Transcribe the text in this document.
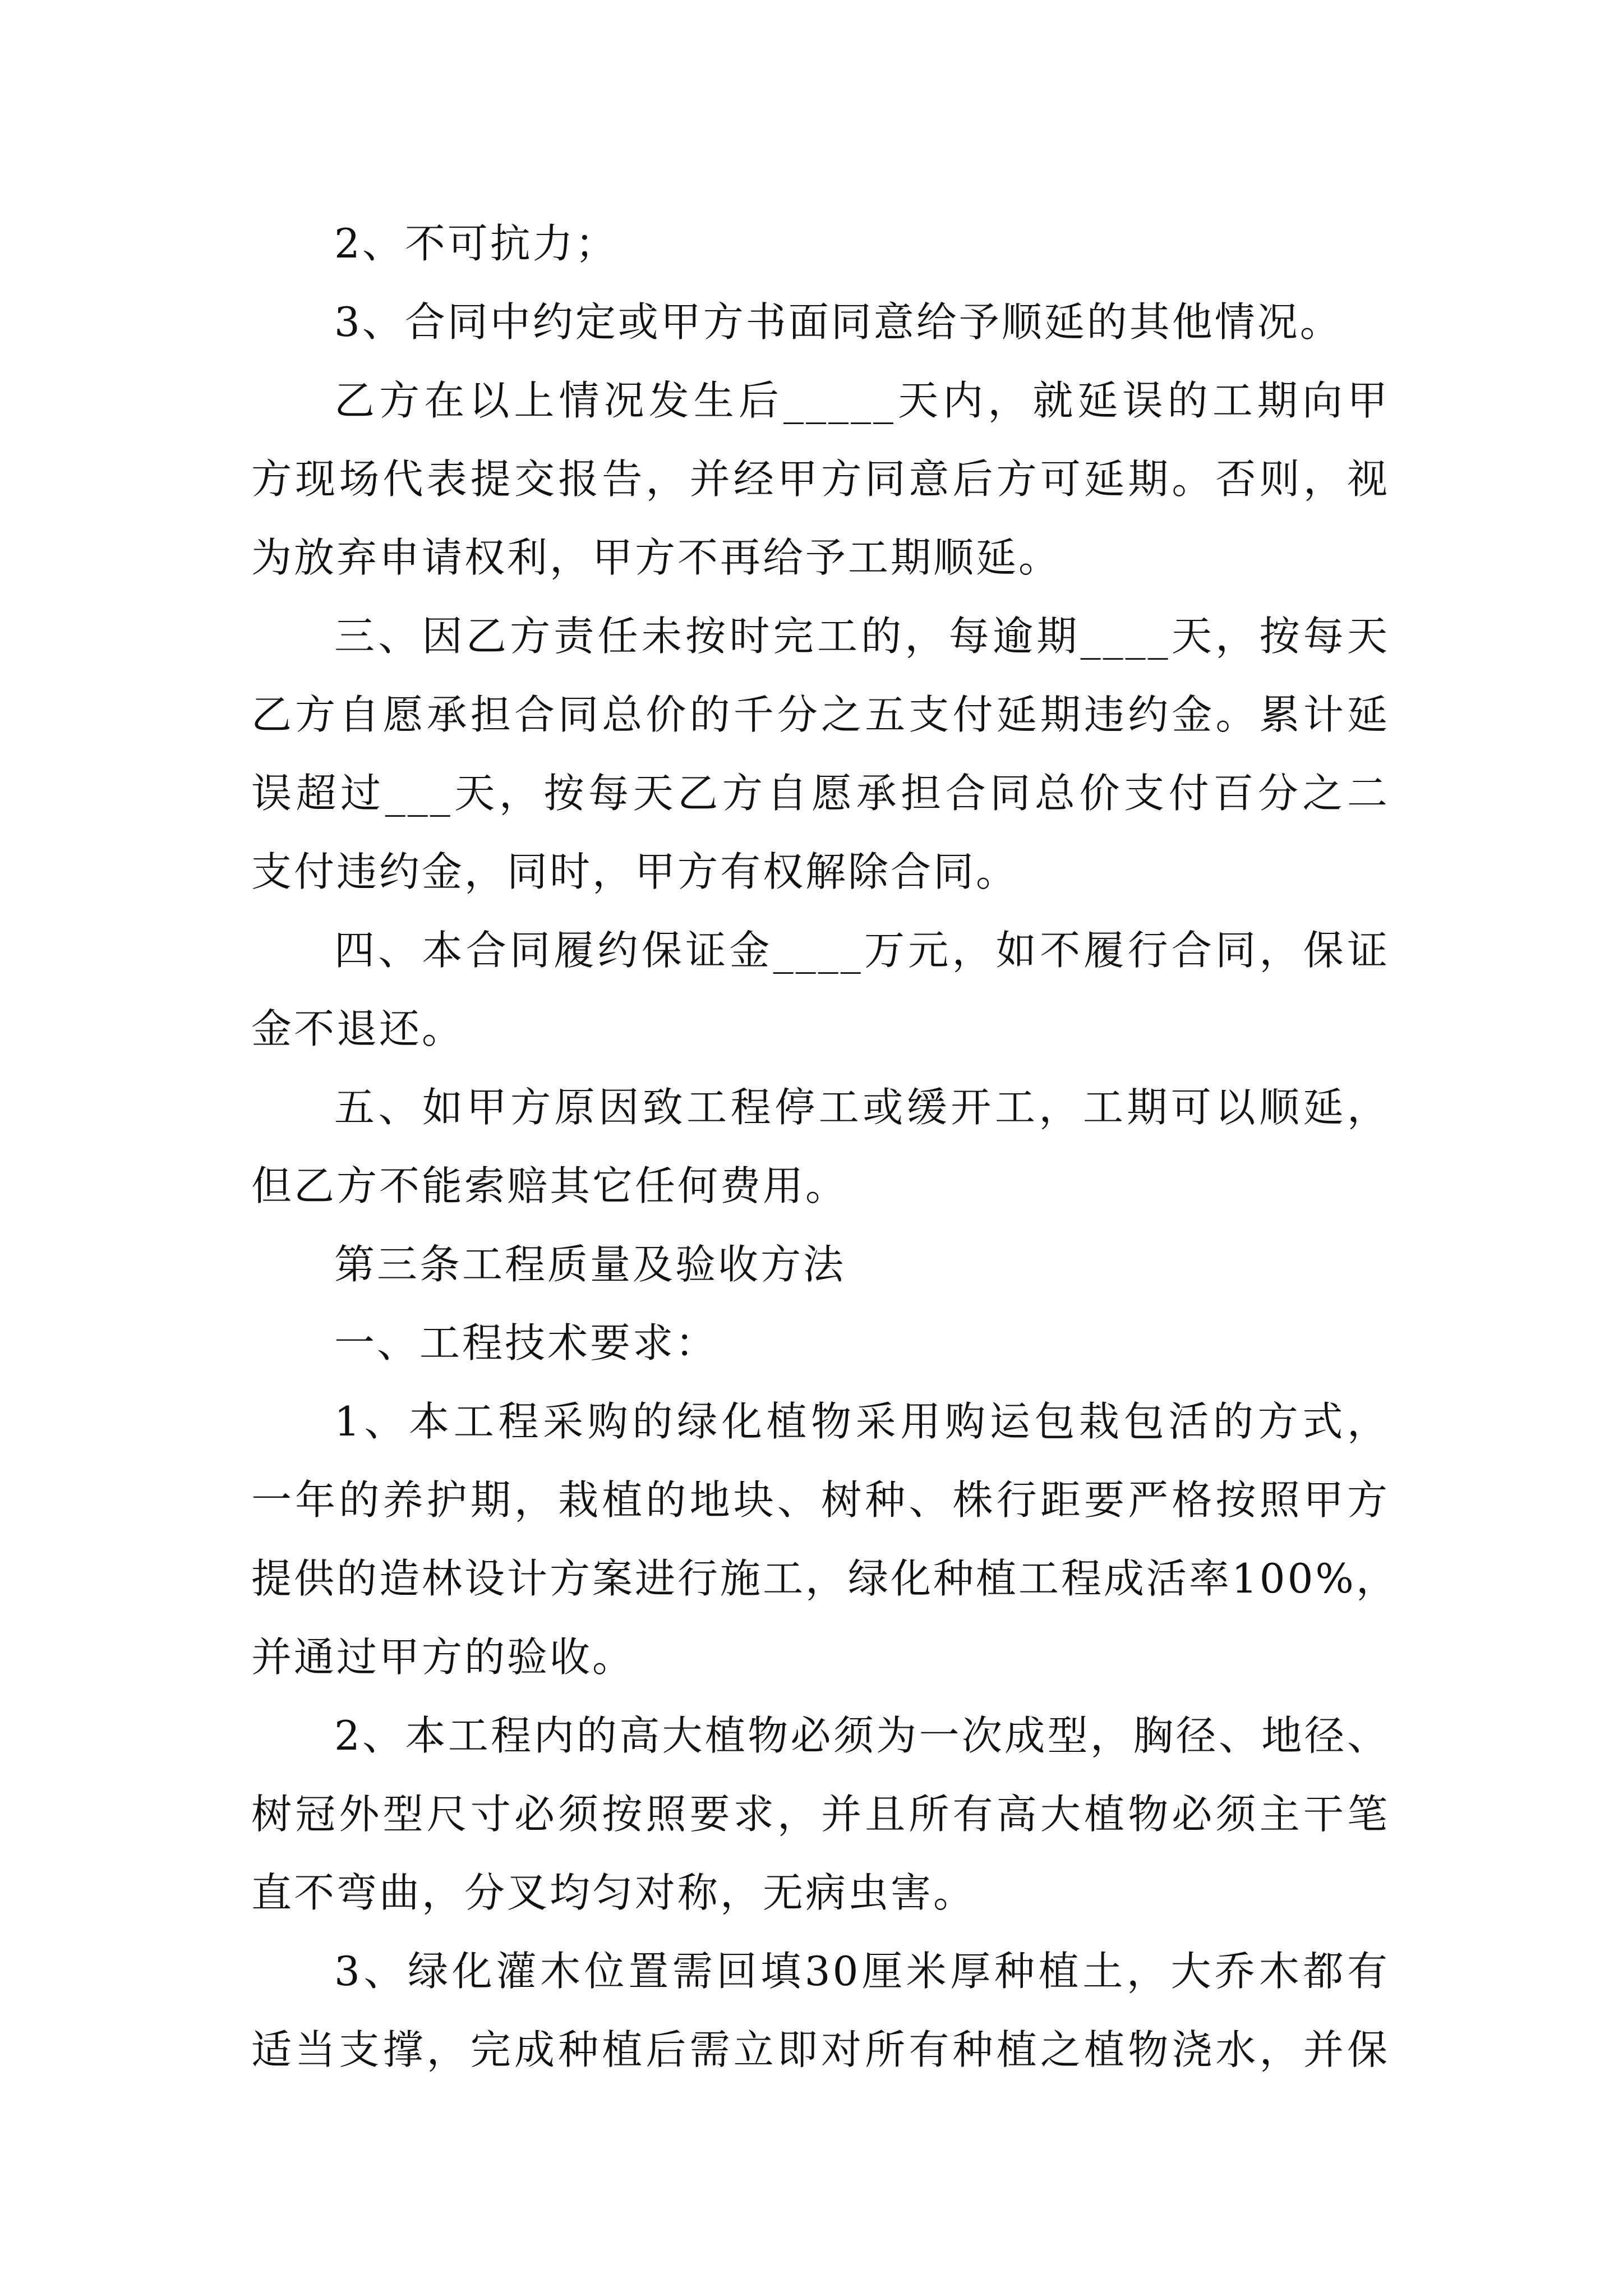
2、不可抗力；
3、合同中约定或甲方书面同意给予顺延的其他情况。
乙方在以上情况发生后_____天内，就延误的工期向甲
方现场代表提交报告，并经甲方同意后方可延期。否则，视
为放弃申请权利，甲方不再给予工期顺延。
三、因乙方责任未按时完工的，每逾期____天，按每天
乙方自愿承担合同总价的千分之五支付延期违约金。累计延
误超过___天，按每天乙方自愿承担合同总价支付百分之二
支付违约金，同时，甲方有权解除合同。
四、本合同履约保证金____万元，如不履行合同，保证
金不退还。
五、如甲方原因致工程停工或缓开工，工期可以顺延，
但乙方不能索赔其它任何费用。
第三条工程质量及验收方法
一、工程技术要求：
1、本工程采购的绿化植物采用购运包栽包活的方式，
一年的养护期，栽植的地块、树种、株行距要严格按照甲方
提供的造林设计方案进行施工，绿化种植工程成活率100%，
并通过甲方的验收。
2、本工程内的高大植物必须为一次成型，胸径、地径、
树冠外型尺寸必须按照要求，并且所有高大植物必须主干笔
直不弯曲，分叉均匀对称，无病虫害。
3、绿化灌木位置需回填30厘米厚种植土，大乔木都有
适当支撑，完成种植后需立即对所有种植之植物浇水，并保
